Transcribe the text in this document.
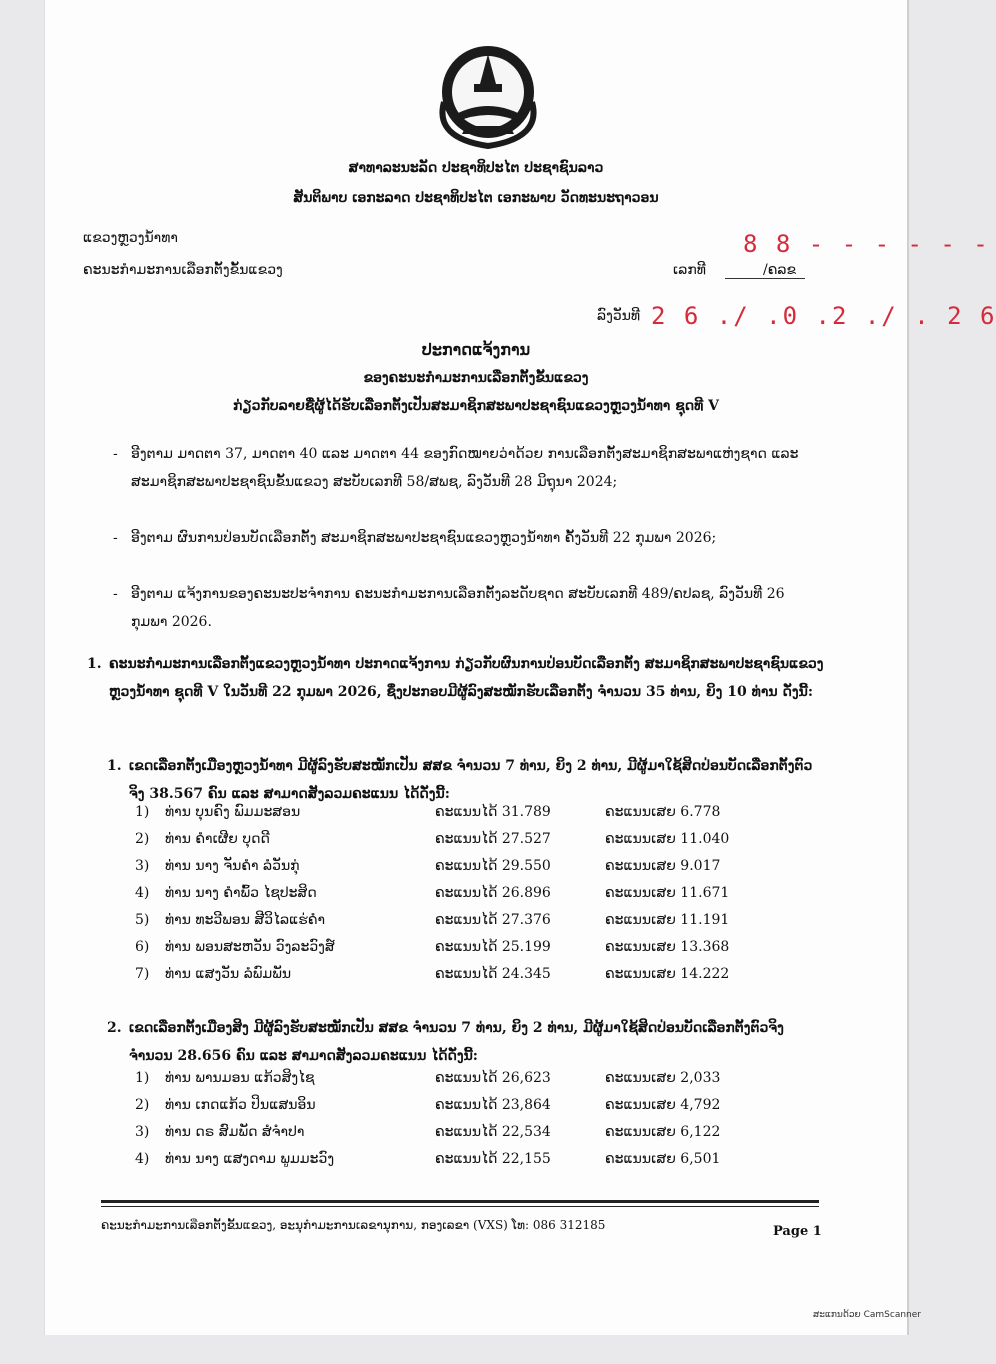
ສາທາລະນະລັດ ປະຊາທິປະໄຕ ປະຊາຊົນລາວ
ສັນຕິພາບ ເອກະລາດ ປະຊາທິປະໄຕ ເອກະພາບ ວັດທະນະຖາວອນ
ແຂວງຫຼວງນ້ຳທາ
ຄະນະກຳມະການເລືອກຕັ້ງຂັ້ນແຂວງ
8 8 - - - - - -
ເລກທີ	/ຄລຂ
ລົງວັນທີ 2 6 ./ .0 .2 ./ . 2 6
ປະກາດແຈ້ງການ
ຂອງຄະນະກຳມະການເລືອກຕັ້ງຂັ້ນແຂວງ
ກ່ຽວກັບລາຍຊື່ຜູ້ໄດ້ຮັບເລືອກຕັ້ງເປັນສະມາຊິກສະພາປະຊາຊົນແຂວງຫຼວງນ້ຳທາ ຊຸດທີ V
- ອີງຕາມ ມາດຕາ 37, ມາດຕາ 40 ແລະ ມາດຕາ 44 ຂອງກົດໝາຍວ່າດ້ວຍ ການເລືອກຕັ້ງສະມາຊິກສະພາແຫ່ງຊາດ ແລະ ສະມາຊິກສະພາປະຊາຊົນຂັ້ນແຂວງ ສະບັບເລກທີ 58/ສພຊ, ລົງວັນທີ 28 ມິຖຸນາ 2024;
- ອີງຕາມ ຜົນການປ່ອນບັດເລືອກຕັ້ງ ສະມາຊິກສະພາປະຊາຊົນແຂວງຫຼວງນ້ຳທາ ຄັ້ງວັນທີ 22 ກຸມພາ 2026;
- ອີງຕາມ ແຈ້ງການຂອງຄະນະປະຈຳການ ຄະນະກຳມະການເລືອກຕັ້ງລະດັບຊາດ ສະບັບເລກທີ 489/ຄປລຊ, ລົງວັນທີ 26 ກຸມພາ 2026.
1. ຄະນະກຳມະການເລືອກຕັ້ງແຂວງຫຼວງນ້ຳທາ ປະກາດແຈ້ງການ ກ່ຽວກັບຜົນການປ່ອນບັດເລືອກຕັ້ງ ສະມາຊິກສະພາປະຊາຊົນແຂວງຫຼວງນ້ຳທາ ຊຸດທີ V ໃນວັນທີ 22 ກຸມພາ 2026, ຊຶ່ງປະກອບມີຜູ້ລົງສະໝັກຮັບເລືອກຕັ້ງ ຈຳນວນ 35 ທ່ານ, ຍິງ 10 ທ່ານ ດັ່ງນີ້:
1. ເຂດເລືອກຕັ້ງເມືອງຫຼວງນ້ຳທາ ມີຜູ້ລົງຮັບສະໝັກເປັນ ສສຂ ຈຳນວນ 7 ທ່ານ, ຍິງ 2 ທ່ານ, ມີຜູ້ມາໃຊ້ສິດປ່ອນບັດເລືອກຕັ້ງຕົວຈິງ 38.567 ຄົນ ແລະ ສາມາດສັງລວມຄະແນນ ໄດ້ດັ່ງນີ້:
1) ທ່ານ ບຸນຄົງ ພົມມະສອນ	ຄະແນນໄດ້ 31.789	ຄະແນນເສຍ 6.778
2) ທ່ານ ຄຳເຜີຍ ບຸດດີ	ຄະແນນໄດ້ 27.527	ຄະແນນເສຍ 11.040
3) ທ່ານ ນາງ ຈັນຄຳ ລໍວັນກຸ່	ຄະແນນໄດ້ 29.550	ຄະແນນເສຍ 9.017
4) ທ່ານ ນາງ ຄຳພົ້ວ ໄຊປະສິດ	ຄະແນນໄດ້ 26.896	ຄະແນນເສຍ 11.671
5) ທ່ານ ທະວີພອນ ສີວິໄລແຮ່ຄຳ	ຄະແນນໄດ້ 27.376	ຄະແນນເສຍ 11.191
6) ທ່ານ ພອນສະຫວັນ ວົງລະວົງສ໌	ຄະແນນໄດ້ 25.199	ຄະແນນເສຍ 13.368
7) ທ່ານ ແສງວັນ ລໍພົມພັນ	ຄະແນນໄດ້ 24.345	ຄະແນນເສຍ 14.222
2. ເຂດເລືອກຕັ້ງເມືອງສິງ ມີຜູ້ລົງຮັບສະໝັກເປັນ ສສຂ ຈຳນວນ 7 ທ່ານ, ຍິງ 2 ທ່ານ, ມີຜູ້ມາໃຊ້ສິດປ່ອນບັດເລືອກຕັ້ງຕົວຈິງ ຈຳນວນ 28.656 ຄົນ ແລະ ສາມາດສັງລວມຄະແນນ ໄດ້ດັ່ງນີ້:
1) ທ່ານ ພານມອນ ແກ້ວສິງໄຊ	ຄະແນນໄດ້ 26,623	ຄະແນນເສຍ 2,033
2) ທ່ານ ເກດແກ້ວ ປິນແສນອິນ	ຄະແນນໄດ້ 23,864	ຄະແນນເສຍ 4,792
3) ທ່ານ ດຣ ສົມພັດ ສໍຈຳປາ	ຄະແນນໄດ້ 22,534	ຄະແນນເສຍ 6,122
4) ທ່ານ ນາງ ແສງດາມ ພູມມະວົງ	ຄະແນນໄດ້ 22,155	ຄະແນນເສຍ 6,501
ຄະນະກຳມະການເລືອກຕັ້ງຂັ້ນແຂວງ, ອະນຸກຳມະການເລຂານຸການ, ກອງເລຂາ (VXS) ໂທ: 086 312185	Page 1
ສະແກນດ້ວຍ CamScanner
